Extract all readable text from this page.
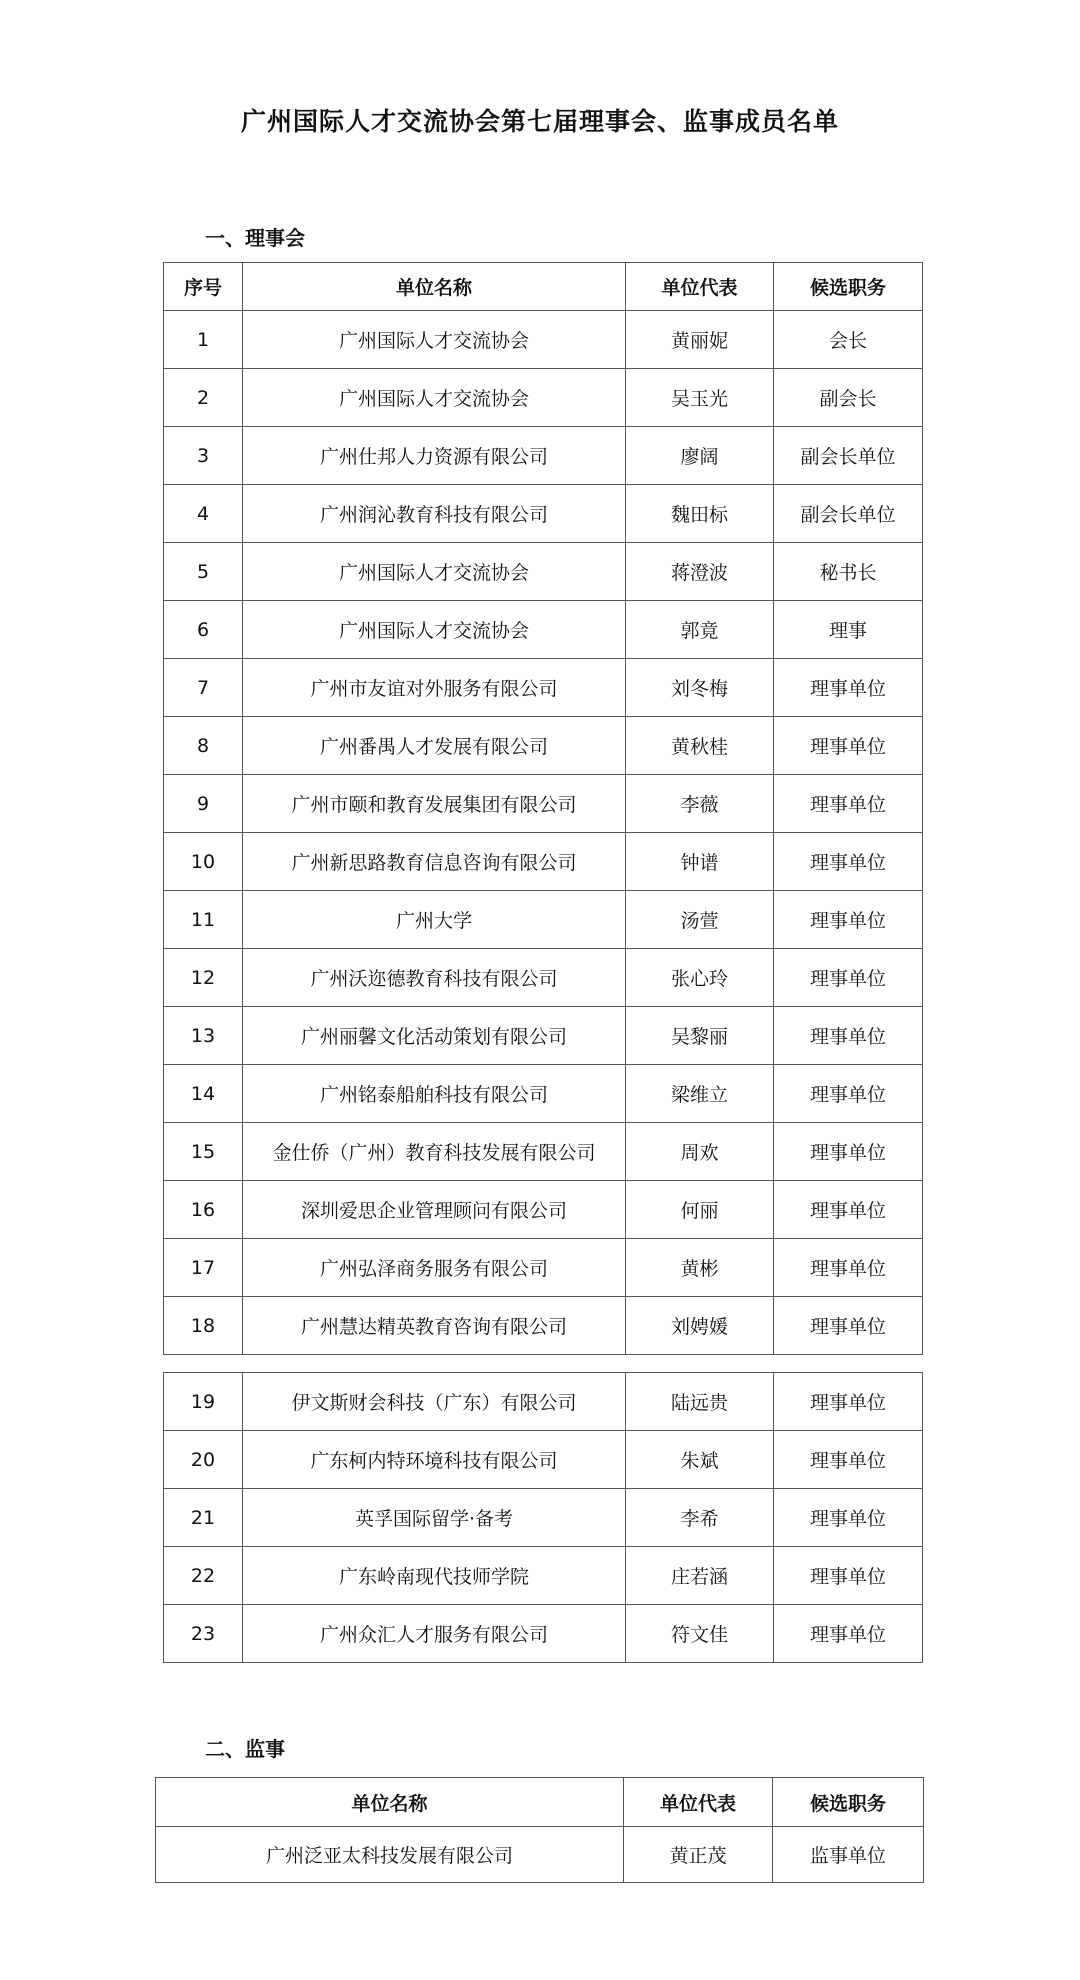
广州国际人才交流协会第七届理事会、监事成员名单
一、理事会
序号	单位名称	单位代表	候选职务
1	广州国际人才交流协会	黄丽妮	会长
2	广州国际人才交流协会	吴玉光	副会长
3	广州仕邦人力资源有限公司	廖阔	副会长单位
4	广州润沁教育科技有限公司	魏田标	副会长单位
5	广州国际人才交流协会	蒋澄波	秘书长
6	广州国际人才交流协会	郭竟	理事
7	广州市友谊对外服务有限公司	刘冬梅	理事单位
8	广州番禺人才发展有限公司	黄秋桂	理事单位
9	广州市颐和教育发展集团有限公司	李薇	理事单位
10	广州新思路教育信息咨询有限公司	钟谱	理事单位
11	广州大学	汤萱	理事单位
12	广州沃迩德教育科技有限公司	张心玲	理事单位
13	广州丽馨文化活动策划有限公司	吴黎丽	理事单位
14	广州铭泰船舶科技有限公司	梁维立	理事单位
15	金仕侨（广州）教育科技发展有限公司	周欢	理事单位
16	深圳爱思企业管理顾问有限公司	何丽	理事单位
17	广州弘泽商务服务有限公司	黄彬	理事单位
18	广州慧达精英教育咨询有限公司	刘娉媛	理事单位
19	伊文斯财会科技（广东）有限公司	陆远贵	理事单位
20	广东柯内特环境科技有限公司	朱斌	理事单位
21	英孚国际留学·备考	李希	理事单位
22	广东岭南现代技师学院	庄若涵	理事单位
23	广州众汇人才服务有限公司	符文佳	理事单位
二、监事
单位名称	单位代表	候选职务
广州泛亚太科技发展有限公司	黄正茂	监事单位
